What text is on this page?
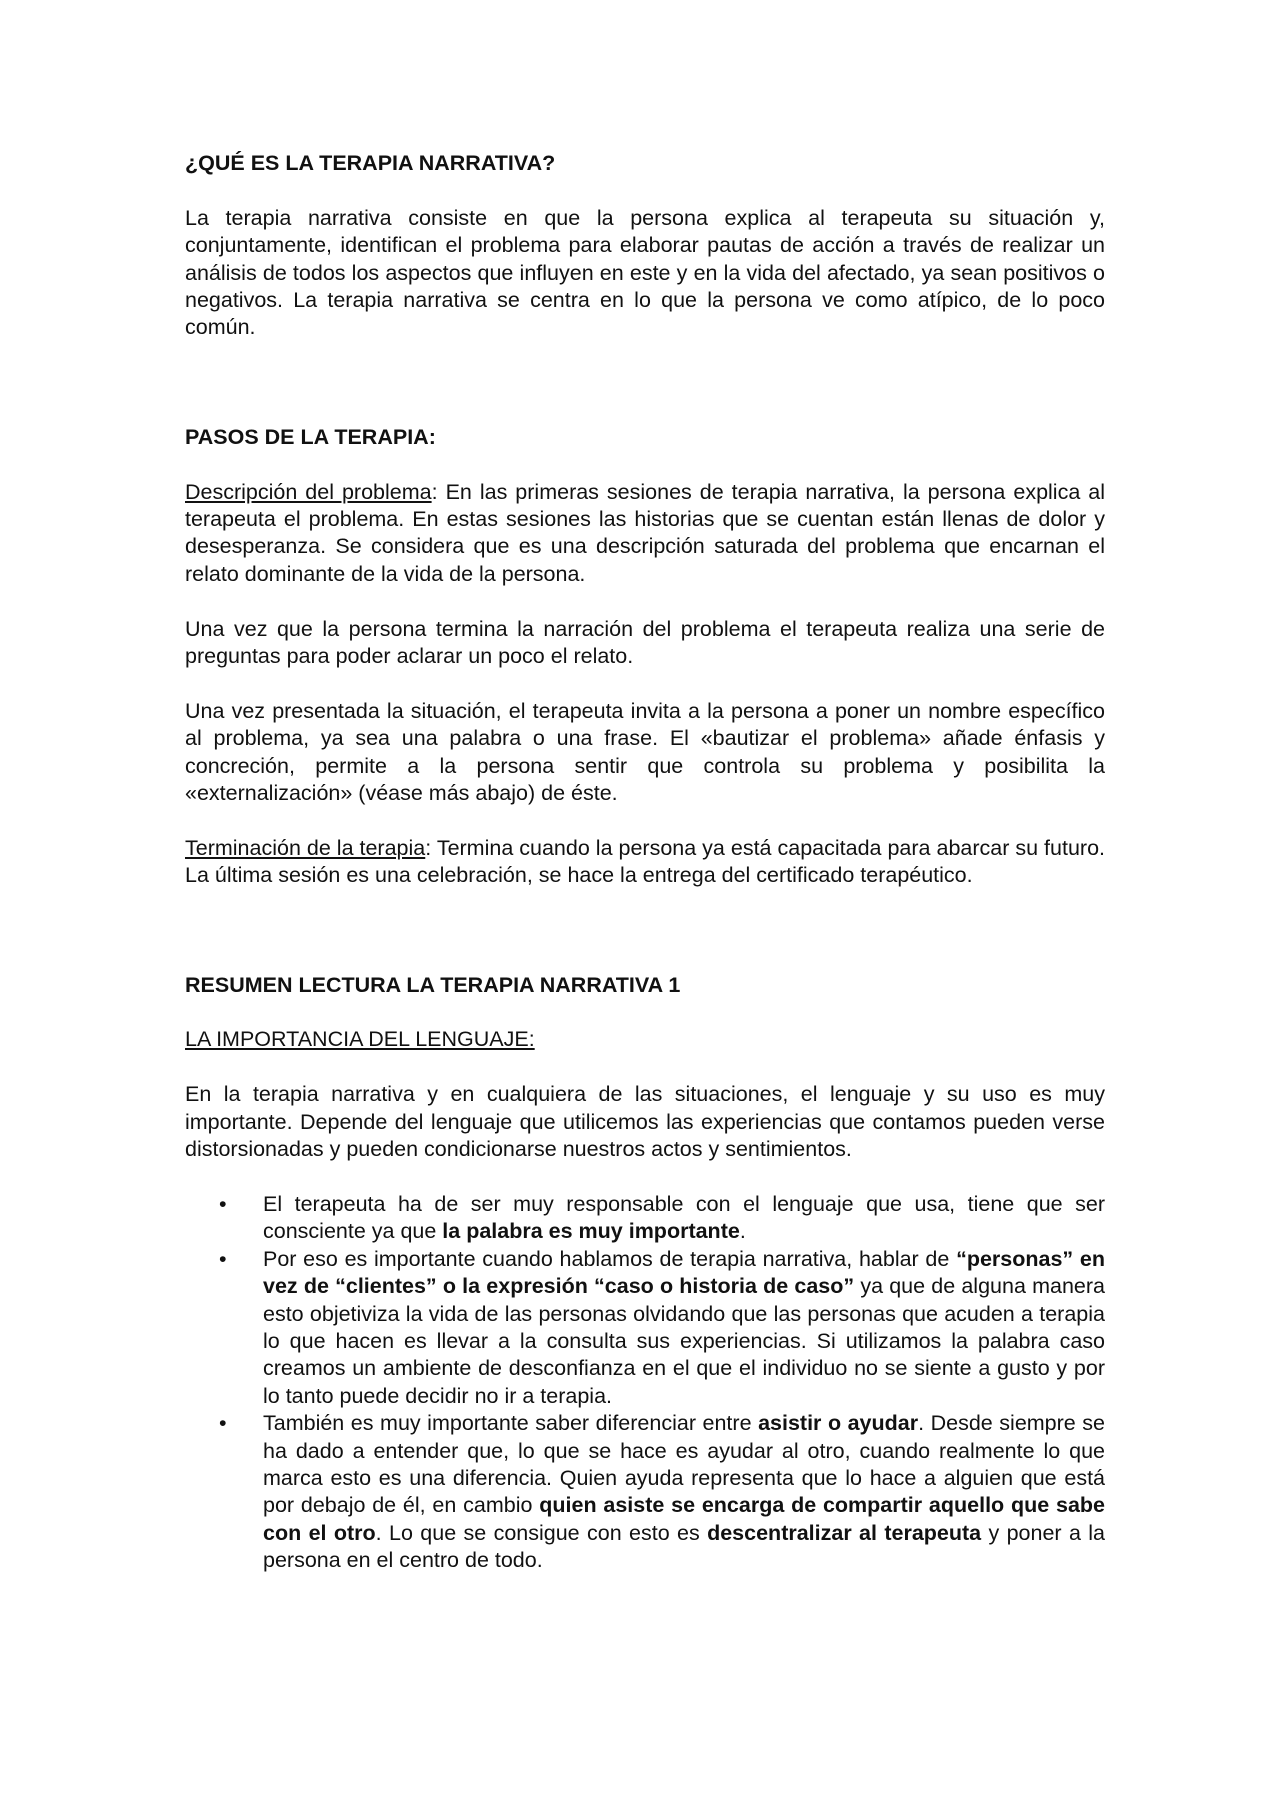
¿QUÉ ES LA TERAPIA NARRATIVA?

La terapia narrativa consiste en que la persona explica al terapeuta su situación y, conjuntamente, identifican el problema para elaborar pautas de acción a través de realizar un análisis de todos los aspectos que influyen en este y en la vida del afectado, ya sean positivos o negativos. La terapia narrativa se centra en lo que la persona ve como atípico, de lo poco común.

PASOS DE LA TERAPIA:

Descripción del problema: En las primeras sesiones de terapia narrativa, la persona explica al terapeuta el problema. En estas sesiones las historias que se cuentan están llenas de dolor y desesperanza. Se considera que es una descripción saturada del problema que encarnan el relato dominante de la vida de la persona.

Una vez que la persona termina la narración del problema el terapeuta realiza una serie de preguntas para poder aclarar un poco el relato.

Una vez presentada la situación, el terapeuta invita a la persona a poner un nombre específico al problema, ya sea una palabra o una frase. El «bautizar el problema» añade énfasis y concreción, permite a la persona sentir que controla su problema y posibilita la «externalización» (véase más abajo) de éste.

Terminación de la terapia: Termina cuando la persona ya está capacitada para abarcar su futuro. La última sesión es una celebración, se hace la entrega del certificado terapéutico.

RESUMEN LECTURA LA TERAPIA NARRATIVA 1
LA IMPORTANCIA DEL LENGUAJE:

En la terapia narrativa y en cualquiera de las situaciones, el lenguaje y su uso es muy importante. Depende del lenguaje que utilicemos las experiencias que contamos pueden verse distorsionadas y pueden condicionarse nuestros actos y sentimientos.

• El terapeuta ha de ser muy responsable con el lenguaje que usa, tiene que ser consciente ya que la palabra es muy importante.
• Por eso es importante cuando hablamos de terapia narrativa, hablar de “personas” en vez de “clientes” o la expresión “caso o historia de caso” ya que de alguna manera esto objetiviza la vida de las personas olvidando que las personas que acuden a terapia lo que hacen es llevar a la consulta sus experiencias. Si utilizamos la palabra caso creamos un ambiente de desconfianza en el que el individuo no se siente a gusto y por lo tanto puede decidir no ir a terapia.
• También es muy importante saber diferenciar entre asistir o ayudar. Desde siempre se ha dado a entender que, lo que se hace es ayudar al otro, cuando realmente lo que marca esto es una diferencia. Quien ayuda representa que lo hace a alguien que está por debajo de él, en cambio quien asiste se encarga de compartir aquello que sabe con el otro. Lo que se consigue con esto es descentralizar al terapeuta y poner a la persona en el centro de todo.
